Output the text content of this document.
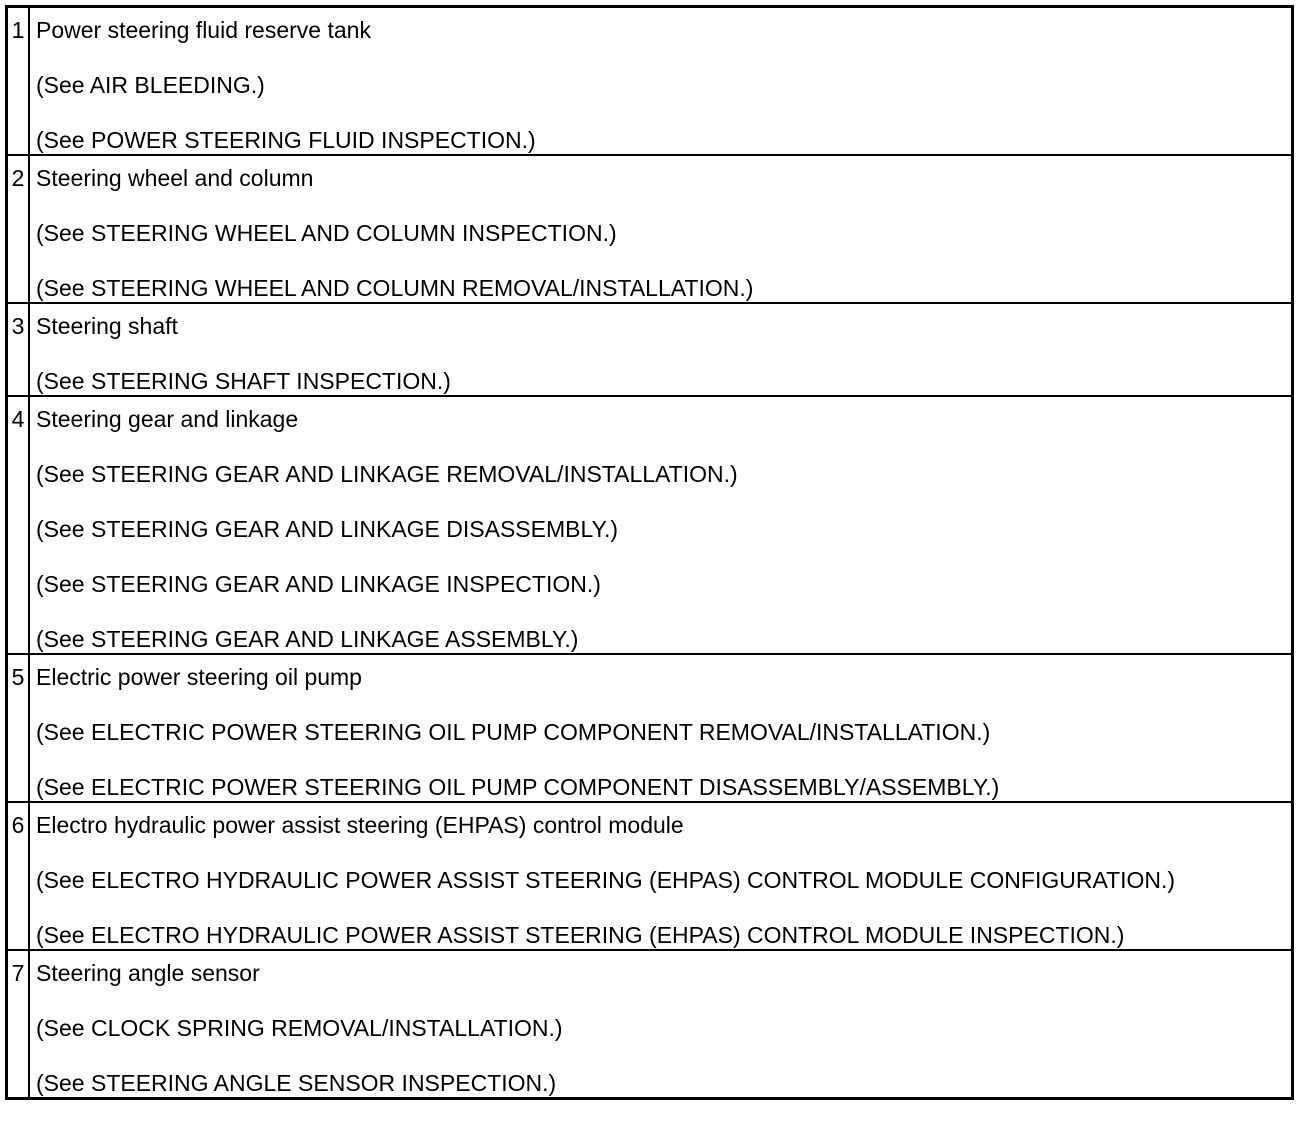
1 Power steering fluid reserve tank
(See AIR BLEEDING.)
(See POWER STEERING FLUID INSPECTION.)
2 Steering wheel and column
(See STEERING WHEEL AND COLUMN INSPECTION.)
(See STEERING WHEEL AND COLUMN REMOVAL/INSTALLATION.)
3 Steering shaft
(See STEERING SHAFT INSPECTION.)
4 Steering gear and linkage
(See STEERING GEAR AND LINKAGE REMOVAL/INSTALLATION.)
(See STEERING GEAR AND LINKAGE DISASSEMBLY.)
(See STEERING GEAR AND LINKAGE INSPECTION.)
(See STEERING GEAR AND LINKAGE ASSEMBLY.)
5 Electric power steering oil pump
(See ELECTRIC POWER STEERING OIL PUMP COMPONENT REMOVAL/INSTALLATION.)
(See ELECTRIC POWER STEERING OIL PUMP COMPONENT DISASSEMBLY/ASSEMBLY.)
6 Electro hydraulic power assist steering (EHPAS) control module
(See ELECTRO HYDRAULIC POWER ASSIST STEERING (EHPAS) CONTROL MODULE CONFIGURATION.)
(See ELECTRO HYDRAULIC POWER ASSIST STEERING (EHPAS) CONTROL MODULE INSPECTION.)
7 Steering angle sensor
(See CLOCK SPRING REMOVAL/INSTALLATION.)
(See STEERING ANGLE SENSOR INSPECTION.)
